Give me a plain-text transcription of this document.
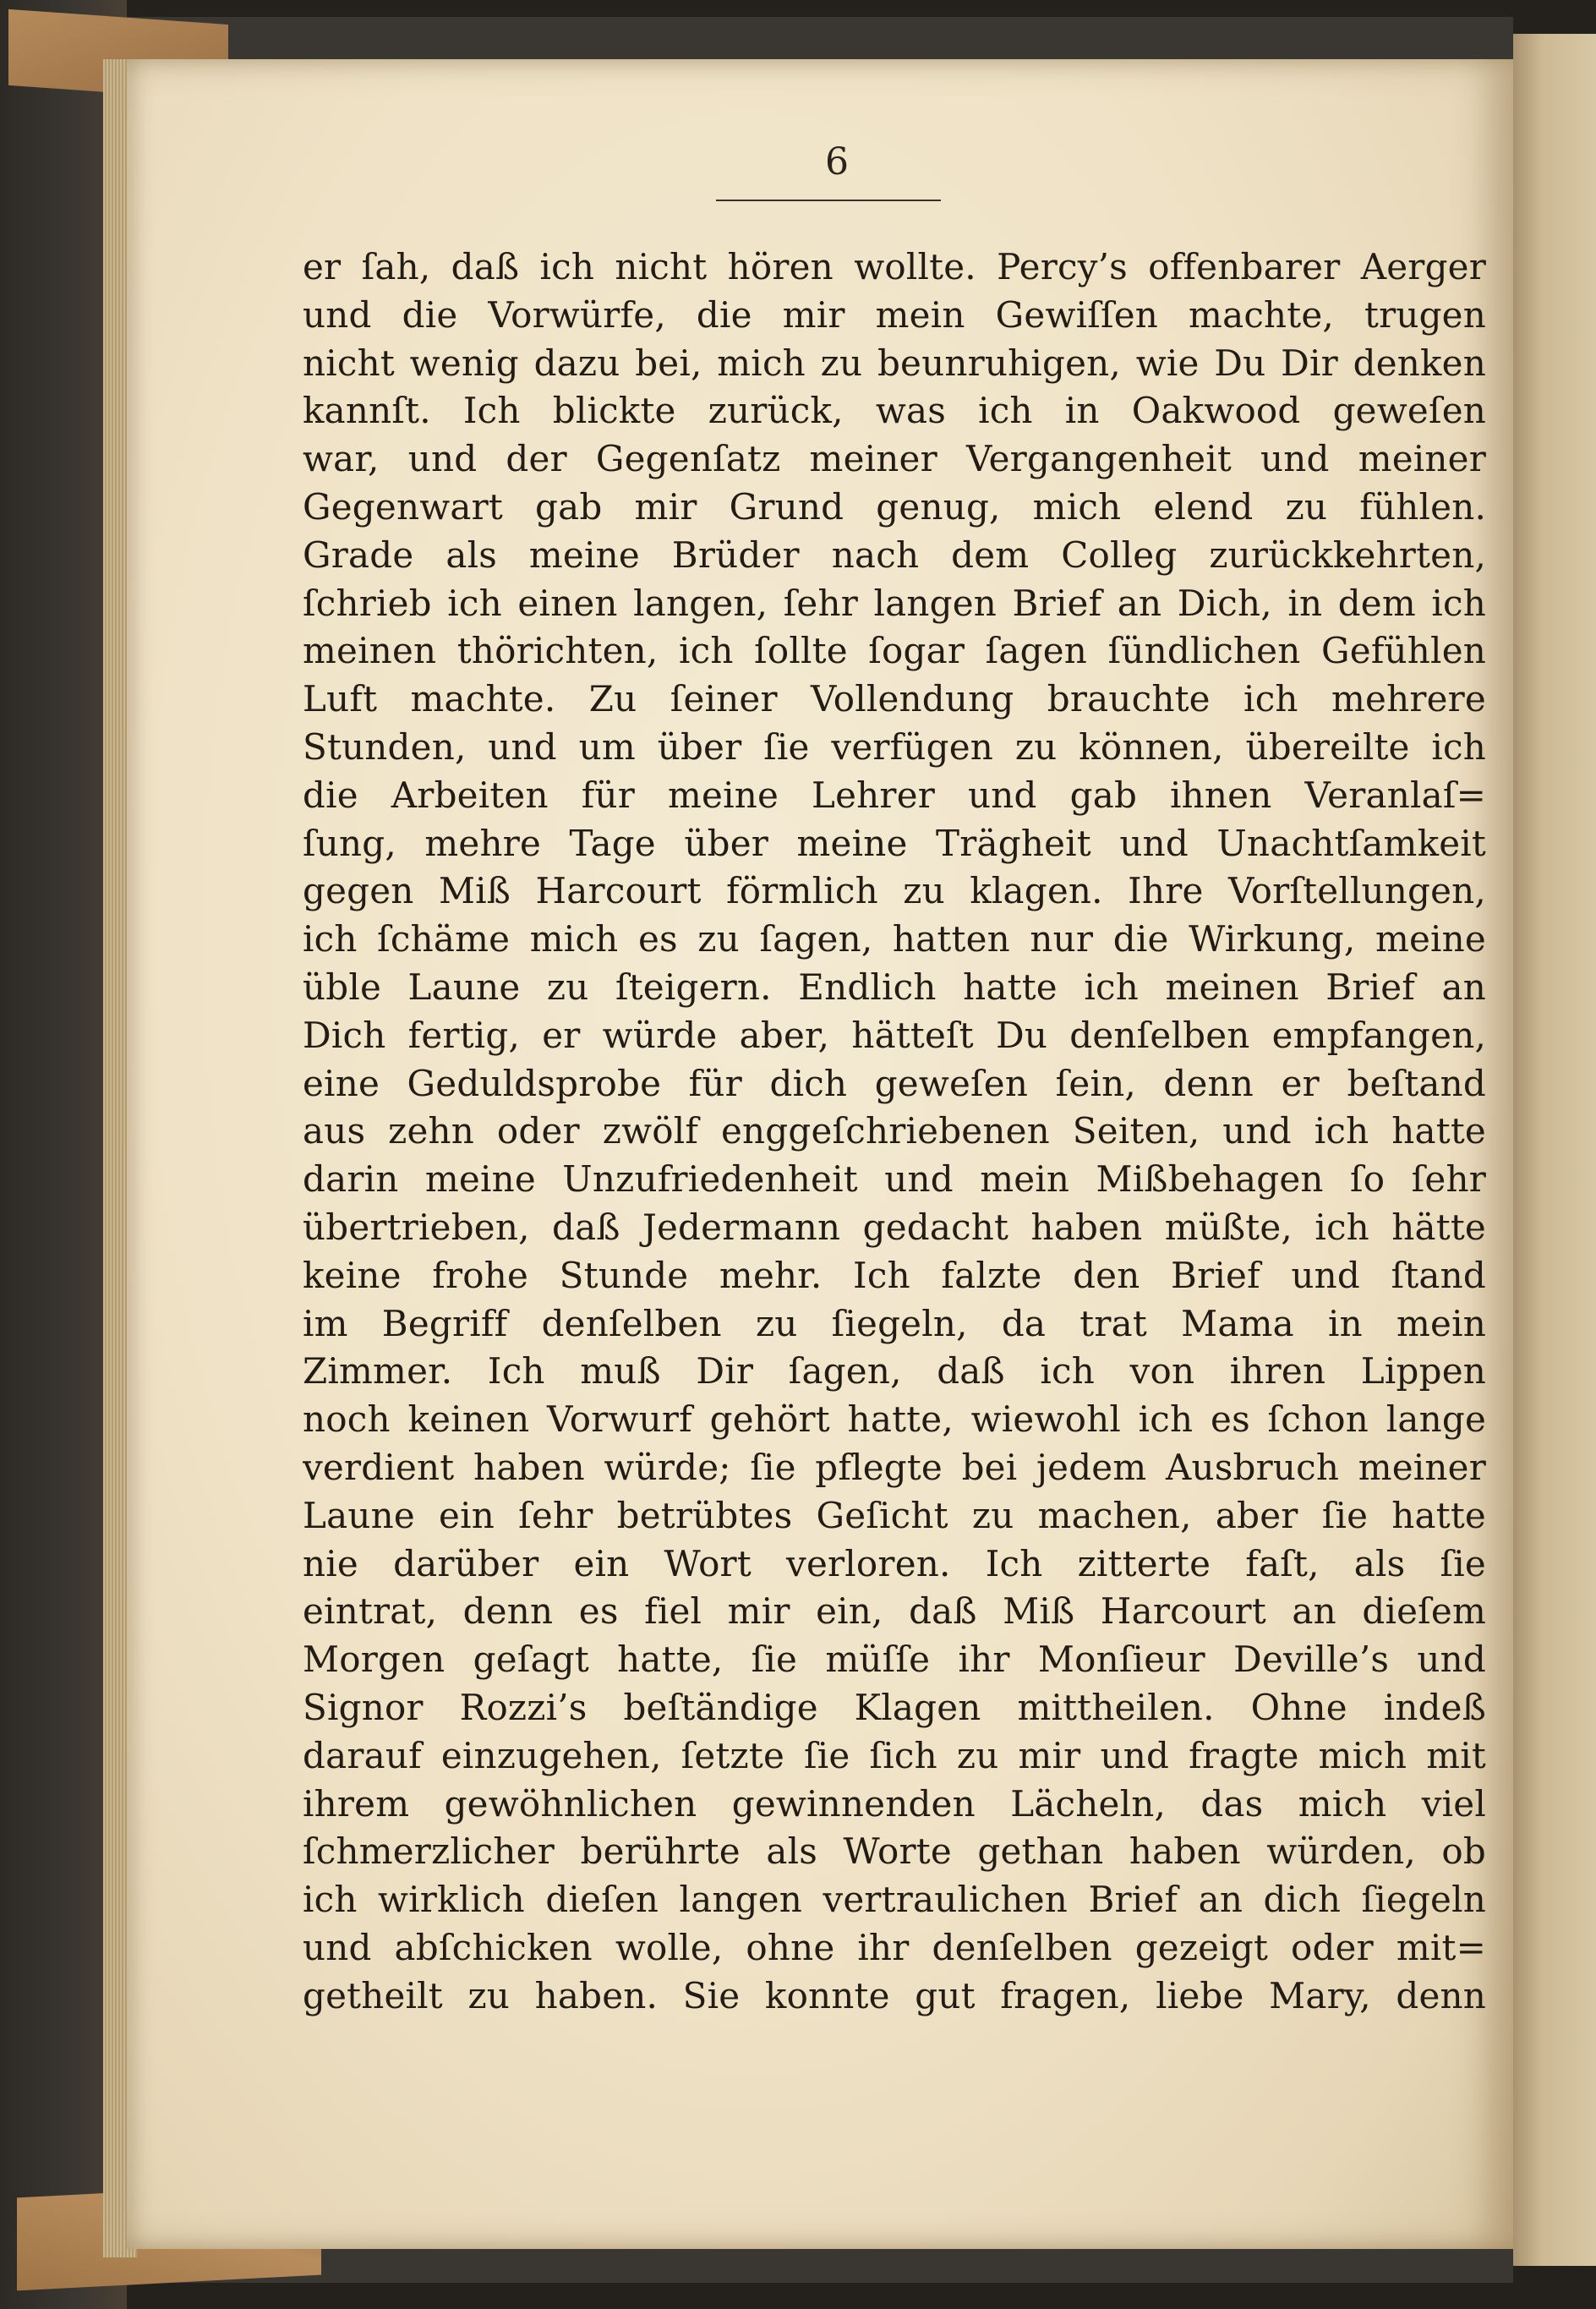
6
er ſah, daß ich nicht hören wollte. Percy’s offenbarer Aerger
und die Vorwürfe, die mir mein Gewiſſen machte, trugen
nicht wenig dazu bei, mich zu beunruhigen, wie Du Dir denken
kannſt. Ich blickte zurück, was ich in Oakwood geweſen
war, und der Gegenſatz meiner Vergangenheit und meiner
Gegenwart gab mir Grund genug, mich elend zu fühlen.
Grade als meine Brüder nach dem Colleg zurückkehrten,
ſchrieb ich einen langen, ſehr langen Brief an Dich, in dem ich
meinen thörichten, ich ſollte ſogar ſagen ſündlichen Gefühlen
Luft machte. Zu ſeiner Vollendung brauchte ich mehrere
Stunden, und um über ſie verfügen zu können, übereilte ich
die Arbeiten für meine Lehrer und gab ihnen Veranlaſ=
ſung, mehre Tage über meine Trägheit und Unachtſamkeit
gegen Miß Harcourt förmlich zu klagen. Ihre Vorſtellungen,
ich ſchäme mich es zu ſagen, hatten nur die Wirkung, meine
üble Laune zu ſteigern. Endlich hatte ich meinen Brief an
Dich fertig, er würde aber, hätteſt Du denſelben empfangen,
eine Geduldsprobe für dich geweſen ſein, denn er beſtand
aus zehn oder zwölf enggeſchriebenen Seiten, und ich hatte
darin meine Unzufriedenheit und mein Mißbehagen ſo ſehr
übertrieben, daß Jedermann gedacht haben müßte, ich hätte
keine frohe Stunde mehr. Ich falzte den Brief und ſtand
im Begriff denſelben zu ſiegeln, da trat Mama in mein
Zimmer. Ich muß Dir ſagen, daß ich von ihren Lippen
noch keinen Vorwurf gehört hatte, wiewohl ich es ſchon lange
verdient haben würde; ſie pflegte bei jedem Ausbruch meiner
Laune ein ſehr betrübtes Geſicht zu machen, aber ſie hatte
nie darüber ein Wort verloren. Ich zitterte faſt, als ſie
eintrat, denn es fiel mir ein, daß Miß Harcourt an dieſem
Morgen geſagt hatte, ſie müſſe ihr Monſieur Deville’s und
Signor Rozzi’s beſtändige Klagen mittheilen. Ohne indeß
darauf einzugehen, ſetzte ſie ſich zu mir und fragte mich mit
ihrem gewöhnlichen gewinnenden Lächeln, das mich viel
ſchmerzlicher berührte als Worte gethan haben würden, ob
ich wirklich dieſen langen vertraulichen Brief an dich ſiegeln
und abſchicken wolle, ohne ihr denſelben gezeigt oder mit=
getheilt zu haben. Sie konnte gut fragen, liebe Mary, denn
